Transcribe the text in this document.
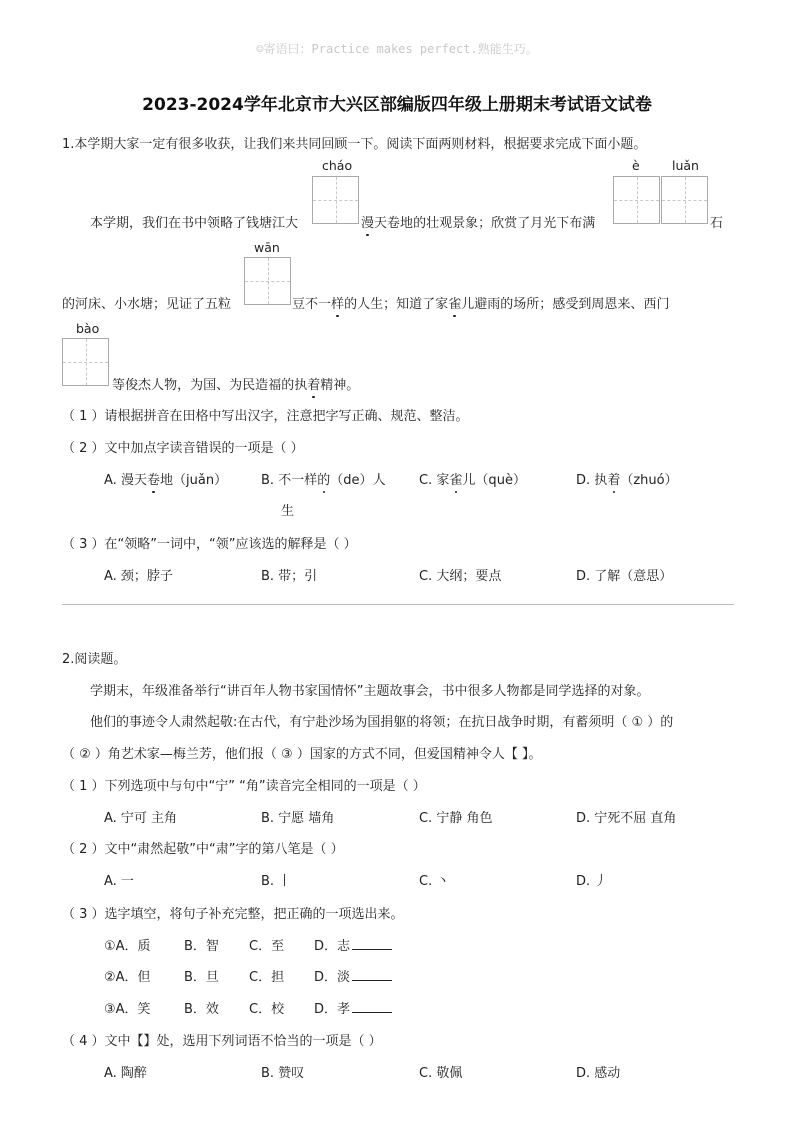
☺寄语曰：Practice makes perfect.熟能生巧。
2023-2024学年北京市大兴区部编版四年级上册期末考试语文试卷
1.本学期大家一定有很多收获，让我们来共同回顾一下。阅读下面两则材料，根据要求完成下面小题。
cháo	è	luǎn
本学期，我们在书中领略了钱塘江大	漫天卷地的壮观景象；欣赏了月光下布满	石
wān
的河床、小水塘；见证了五粒	豆不一样的人生；知道了家雀儿避雨的场所；感受到周恩来、西门
bào
等俊杰人物，为国、为民造福的执着精神。
（ 1 ）请根据拼音在田格中写出汉字，注意把字写正确、规范、整洁。
（ 2 ）文中加点字读音错误的一项是（ ）
A. 漫天卷地（juǎn）	B. 不一样的（de）人
生
C. 家雀儿（què）	D. 执着（zhuó）
（ 3 ）在“领略”一词中，“领”应该选的解释是（ ）
A. 颈；脖子	B. 带；引	C. 大纲；要点	D. 了解（意思）
2.阅读题。
学期末，年级准备举行“讲百年人物书家国情怀”主题故事会，书中很多人物都是同学选择的对象。
他们的事迹令人肃然起敬:在古代，有宁赴沙场为国捐躯的将领；在抗日战争时期，有蓄须明（ ① ）的
（ ② ）角艺术家—梅兰芳，他们报（ ③ ）国家的方式不同，但爱国精神令人【 】。
（ 1 ）下列选项中与句中“宁” “角”读音完全相同的一项是（ ）
A. 宁可 主角	B. 宁愿 墙角	C. 宁静 角色	D. 宁死不屈 直角
（ 2 ）文中“肃然起敬”中“肃”字的第八笔是（ ）
A. 一	B. 丨	C. 丶	D. 丿
（ 3 ）选字填空，将句子补充完整，把正确的一项选出来。
①A．质	B．智 C．至 D．志
②A．但	B．旦 C．担 D．淡
③A．笑	B．效 C．校 D．孝
（ 4 ）文中【】处，选用下列词语不恰当的一项是（ ）
A. 陶醉	B. 赞叹	C. 敬佩	D. 感动
